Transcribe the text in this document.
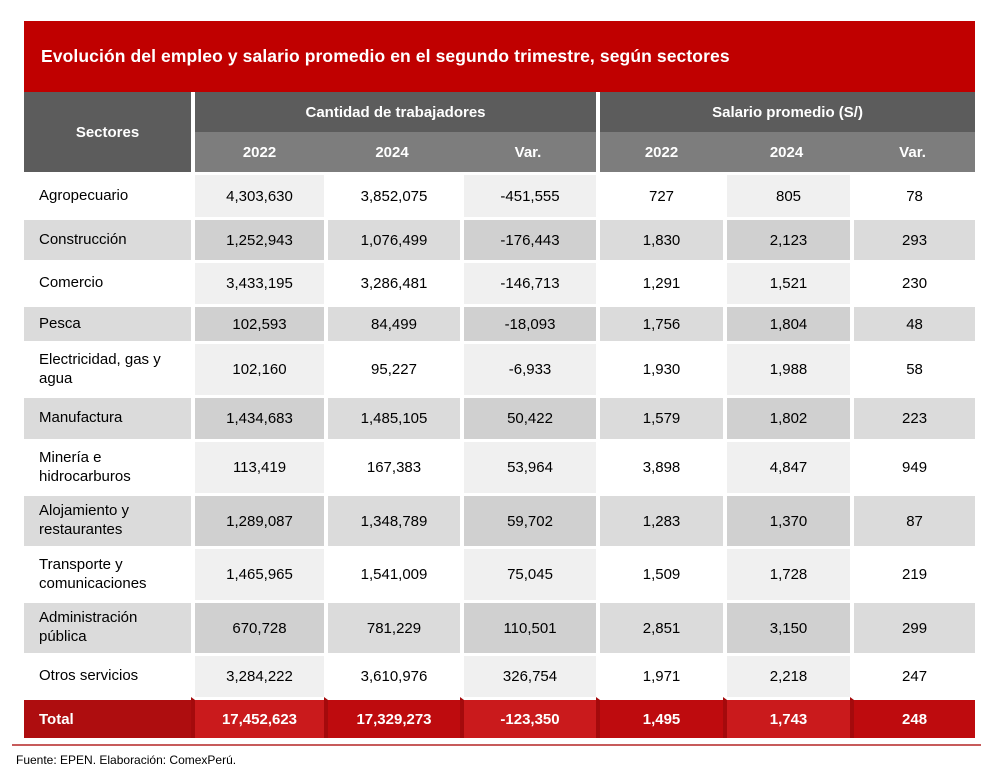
Evolución del empleo y salario promedio en el segundo trimestre, según sectores
Sectores	Cantidad de trabajadores			Salario promedio (S/)		
	2022	2024	Var.	2022	2024	Var.
Agropecuario	4,303,630	3,852,075	-451,555	727	805	78
Construcción	1,252,943	1,076,499	-176,443	1,830	2,123	293
Comercio	3,433,195	3,286,481	-146,713	1,291	1,521	230
Pesca	102,593	84,499	-18,093	1,756	1,804	48
Electricidad, gas y agua	102,160	95,227	-6,933	1,930	1,988	58
Manufactura	1,434,683	1,485,105	50,422	1,579	1,802	223
Minería e hidrocarburos	113,419	167,383	53,964	3,898	4,847	949
Alojamiento y restaurantes	1,289,087	1,348,789	59,702	1,283	1,370	87
Transporte y comunicaciones	1,465,965	1,541,009	75,045	1,509	1,728	219
Administración pública	670,728	781,229	110,501	2,851	3,150	299
Otros servicios	3,284,222	3,610,976	326,754	1,971	2,218	247
Total	17,452,623	17,329,273	-123,350	1,495	1,743	248
Fuente: EPEN. Elaboración: ComexPerú.
